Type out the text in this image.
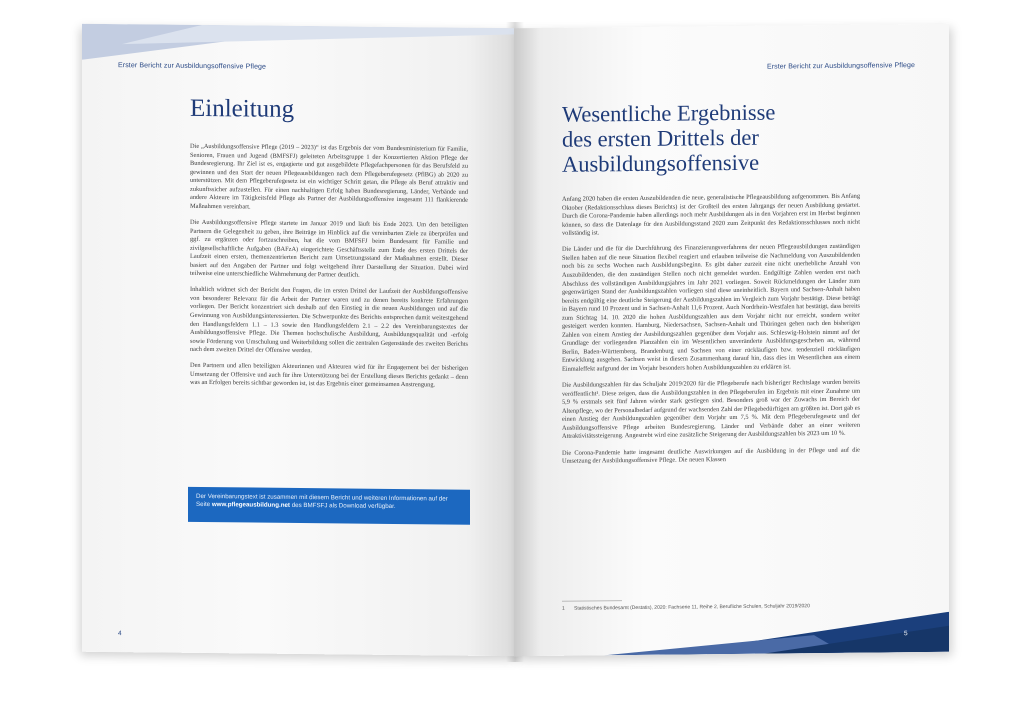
Erster Bericht zur Ausbildungsoffensive Pflege
Einleitung

Die „Ausbildungsoffensive Pflege (2019 – 2023)“ ist das Ergebnis der vom Bundesministerium für Familie, Senioren, Frauen und Jugend (BMFSFJ) geleiteten Arbeitsgruppe 1 der Konzertierten Aktion Pflege der Bundesregierung. Ihr Ziel ist es, engagierte und gut ausgebildete Pflegefachpersonen für das Berufsfeld zu gewinnen und den Start der neuen Pflegeausbildungen nach dem Pflegeberufegesetz (PflBG) ab 2020 zu unterstützen. Mit dem Pflegeberufegesetz ist ein wichtiger Schritt getan, die Pflege als Beruf attraktiv und zukunftssicher aufzustellen. Für einen nachhaltigen Erfolg haben Bundesregierung, Länder, Verbände und andere Akteure im Tätigkeitsfeld Pflege als Partner der Ausbildungsoffensive insgesamt 111 flankierende Maßnahmen vereinbart.

Die Ausbildungsoffensive Pflege startete im Januar 2019 und läuft bis Ende 2023. Um den beteiligten Partnern die Gelegenheit zu geben, ihre Beiträge im Hinblick auf die vereinbarten Ziele zu überprüfen und ggf. zu ergänzen oder fortzuschreiben, hat die vom BMFSFJ beim Bundesamt für Familie und zivilgesellschaftliche Aufgaben (BAFzA) eingerichtete Geschäftsstelle zum Ende des ersten Drittels der Laufzeit einen ersten, themenzentrierten Bericht zum Umsetzungsstand der Maßnahmen erstellt. Dieser basiert auf den Angaben der Partner und folgt weitgehend ihrer Darstellung der Situation. Dabei wird teilweise eine unterschiedliche Wahrnehmung der Partner deutlich.

Inhaltlich widmet sich der Bericht den Fragen, die im ersten Drittel der Laufzeit der Ausbildungsoffensive von besonderer Relevanz für die Arbeit der Partner waren und zu denen bereits konkrete Erfahrungen vorliegen. Der Bericht konzentriert sich deshalb auf den Einstieg in die neuen Ausbildungen und auf die Gewinnung von Ausbildungsinteressierten. Die Schwerpunkte des Berichts entsprechen damit weitestgehend den Handlungsfeldern 1.1 – 1.3 sowie den Handlungsfeldern 2.1 – 2.2 des Vereinbarungstextes der Ausbildungsoffensive Pflege. Die Themen hochschulische Ausbildung, Ausbildungsqualität und -erfolg sowie Förderung von Umschulung und Weiterbildung sollen die zentralen Gegenstände des zweiten Berichts nach dem zweiten Drittel der Offensive werden.

Den Partnern und allen beteiligten Akteurinnen und Akteuren wird für ihr Engagement bei der bisherigen Umsetzung der Offensive und auch für ihre Unterstützung bei der Erstellung dieses Berichts gedankt – denn was an Erfolgen bereits sichtbar geworden ist, ist das Ergebnis einer gemeinsamen Anstrengung.

Der Vereinbarungstext ist zusammen mit diesem Bericht und weiteren Informationen auf der Seite www.pflegeausbildung.net des BMFSFJ als Download verfügbar.
4
Erster Bericht zur Ausbildungsoffensive Pflege
Wesentliche Ergebnisse
des ersten Drittels der
Ausbildungsoffensive

Anfang 2020 haben die ersten Auszubildenden die neue, generalistische Pflegeausbildung aufgenommen. Bis Anfang Oktober (Redaktionsschluss dieses Berichts) ist der Großteil des ersten Jahrgangs der neuen Ausbildung gestartet. Durch die Corona-Pandemie haben allerdings noch mehr Ausbildungen als in den Vorjahren erst im Herbst beginnen können, so dass die Datenlage für den Ausbildungsstand 2020 zum Zeitpunkt des Redaktionsschlusses noch nicht vollständig ist.

Die Länder und die für die Durchführung des Finanzierungsverfahrens der neuen Pflegeausbildungen zuständigen Stellen haben auf die neue Situation flexibel reagiert und erlauben teilweise die Nachmeldung von Auszubildenden noch bis zu sechs Wochen nach Ausbildungsbeginn. Es gibt daher zurzeit eine nicht unerhebliche Anzahl von Auszubildenden, die den zuständigen Stellen noch nicht gemeldet wurden. Endgültige Zahlen werden erst nach Abschluss des vollständigen Ausbildungsjahres im Jahr 2021 vorliegen. Soweit Rückmeldungen der Länder zum gegenwärtigen Stand der Ausbildungszahlen vorliegen sind diese uneinheitlich. Bayern und Sachsen-Anhalt haben bereits endgültig eine deutliche Steigerung der Ausbildungszahlen im Vergleich zum Vorjahr bestätigt. Diese beträgt in Bayern rund 10 Prozent und in Sachsen-Anhalt 11,6 Prozent. Auch Nordrhein-Westfalen hat bestätigt, dass bereits zum Stichtag 14. 10. 2020 die hohen Ausbildungszahlen aus dem Vorjahr nicht nur erreicht, sondern weiter gesteigert werden konnten. Hamburg, Niedersachsen, Sachsen-Anhalt und Thüringen gehen nach den bisherigen Zahlen von einem Anstieg der Ausbildungszahlen gegenüber dem Vorjahr aus. Schleswig-Holstein nimmt auf der Grundlage der vorliegenden Planzahlen ein im Wesentlichen unveränderte Ausbildungsgeschehen an, während Berlin, Baden-Württemberg, Brandenburg und Sachsen von einer rückläufigen bzw. tendenziell rückläufigen Entwicklung ausgehen. Sachsen weist in diesem Zusammenhang darauf hin, dass dies im Wesentlichen aus einem Einmaleffekt aufgrund der im Vorjahr besonders hohen Ausbildungszahlen zu erklären ist.

Die Ausbildungszahlen für das Schuljahr 2019/2020 für die Pflegeberufe nach bisheriger Rechtslage wurden bereits veröffentlicht¹. Diese zeigen, dass die Ausbildungszahlen in den Pflegeberufen im Ergebnis mit einer Zunahme um 5,9 % erstmals seit fünf Jahren wieder stark gestiegen sind. Besonders groß war der Zuwachs im Bereich der Altenpflege, wo der Personalbedarf aufgrund der wachsenden Zahl der Pflegebedürftigen am größten ist. Dort gab es einen Anstieg der Ausbildungszahlen gegenüber dem Vorjahr um 7,5 %. Mit dem Pflegeberufegesetz und der Ausbildungsoffensive Pflege arbeiten Bundesregierung, Länder und Verbände daher an einer weiteren Attraktivitätssteigerung. Angestrebt wird eine zusätzliche Steigerung der Ausbildungszahlen bis 2023 um 10 %.

Die Corona-Pandemie hatte insgesamt deutliche Auswirkungen auf die Ausbildung in der Pflege und auf die Umsetzung der Ausbildungsoffensive Pflege. Die neuen Klassen

1 Statistisches Bundesamt (Destatis), 2020: Fachserie 11, Reihe 2, Berufliche Schulen, Schuljahr 2019/2020
5
